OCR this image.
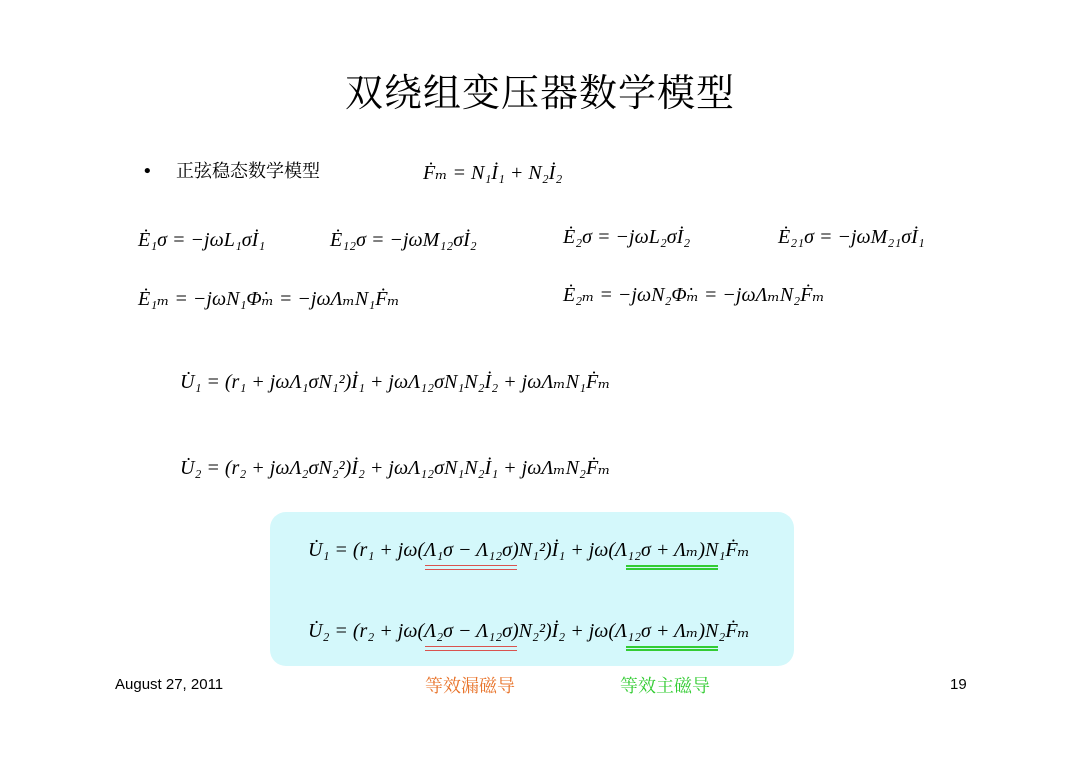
双绕组变压器数学模型
• 正弦稳态数学模型	Ḟₘ = N₁İ₁ + N₂İ₂
Ė₁σ = −jωL₁σİ₁	Ė₁₂σ = −jωM₁₂σİ₂	Ė₂σ = −jωL₂σİ₂	Ė₂₁σ = −jωM₂₁σİ₁
Ė₁ₘ = −jωN₁Φ̇ₘ = −jωΛₘN₁Ḟₘ	Ė₂ₘ = −jωN₂Φ̇ₘ = −jωΛₘN₂Ḟₘ
U̇₁ = (r₁ + jωΛ₁σN₁²)İ₁ + jωΛ₁₂σN₁N₂İ₂ + jωΛₘN₁Ḟₘ
U̇₂ = (r₂ + jωΛ₂σN₂²)İ₂ + jωΛ₁₂σN₁N₂İ₁ + jωΛₘN₂Ḟₘ
U̇₁ = (r₁ + jω(Λ₁σ − Λ₁₂σ)N₁²)İ₁ + jω(Λ₁₂σ + Λₘ)N₁Ḟₘ
U̇₂ = (r₂ + jω(Λ₂σ − Λ₁₂σ)N₂²)İ₂ + jω(Λ₁₂σ + Λₘ)N₂Ḟₘ
August 27, 2011	等效漏磁导	等效主磁导	19
